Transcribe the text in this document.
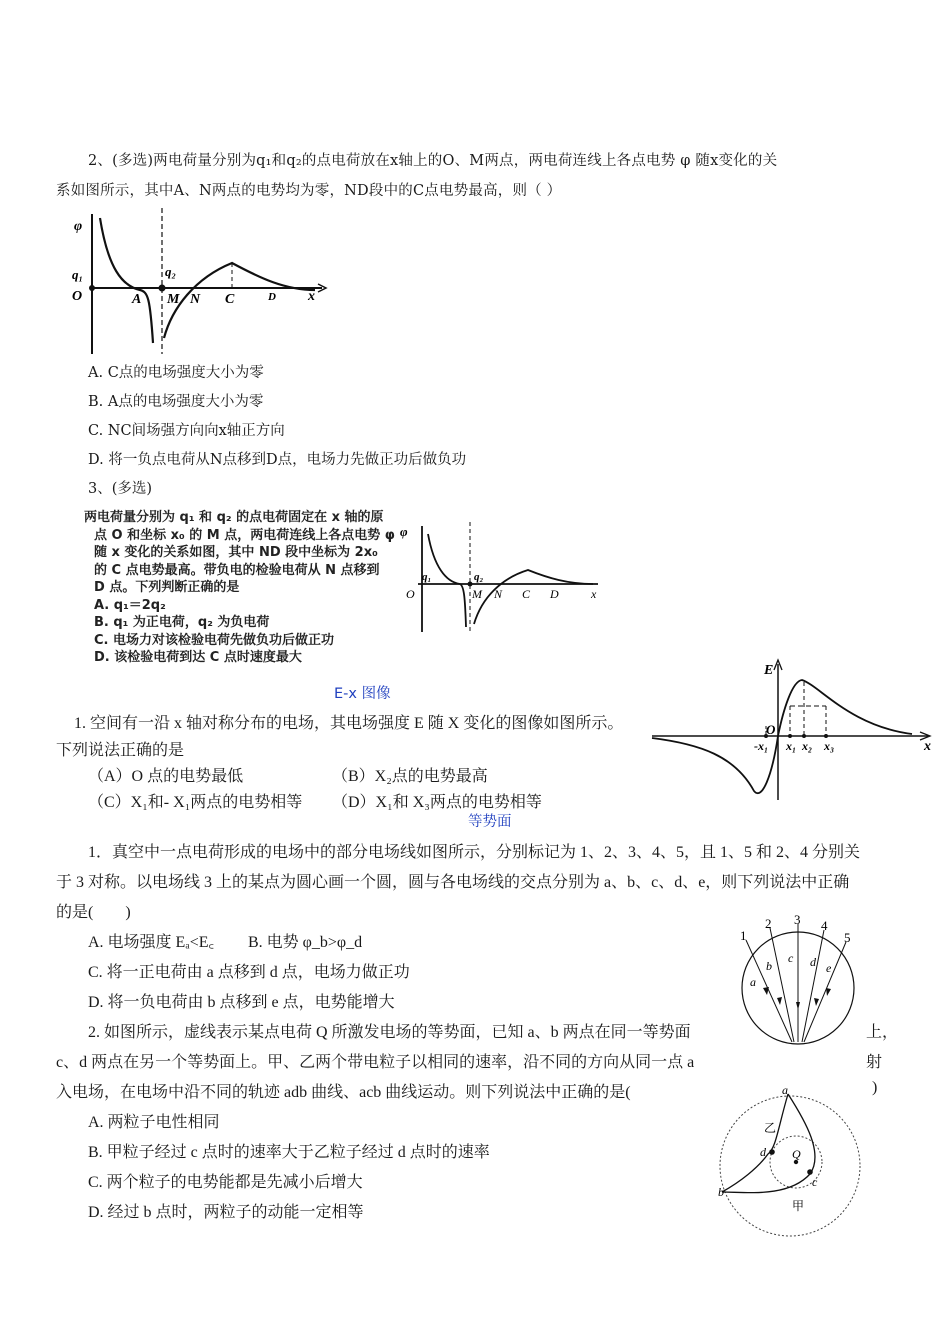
2、(多选)两电荷量分别为q₁和q₂的点电荷放在x轴上的O、M两点，两电荷连线上各点电势 φ 随x变化的关
系如图所示，其中A、N两点的电势均为零，ND段中的C点电势最高，则（ ）
φ
q₁	q₂
O	A M N C	D x
A. C点的电场强度大小为零
B. A点的电场强度大小为零
C. NC间场强方向向x轴正方向
D. 将一负点电荷从N点移到D点，电场力先做正功后做负功
3、(多选)
两电荷量分别为 q₁ 和 q₂ 的点电荷固定在 x 轴的原
点 O 和坐标 x₀ 的 M 点，两电荷连线上各点电势 φ
随 x 变化的关系如图，其中 ND 段中坐标为 2x₀
的 C 点电势最高。带负电的检验电荷从 N 点移到
D 点。下列判断正确的是
A. q₁＝2q₂
B. q₁ 为正电荷，q₂ 为负电荷
C. 电场力对该检验电荷先做负功后做正功
D. 该检验电荷到达 C 点时速度最大
φ
q₁	q₂
O	M N C D	x
E-x 图像
1. 空间有一沿 x 轴对称分布的电场，其电场强度 E 随 X 变化的图像如图所示。
下列说法正确的是
（A）O 点的电势最低	（B）X₂点的电势最高
（C）X₁和- X₁两点的电势相等 （D）X₁和 X₃两点的电势相等
E
O
-x₁ x₁ x₂ x₃	x
等势面
1．真空中一点电荷形成的电场中的部分电场线如图所示，分别标记为 1、2、3、4、5，且 1、5 和 2、4 分别关
于 3 对称。以电场线 3 上的某点为圆心画一个圆，圆与各电场线的交点分别为 a、b、c、d、e，则下列说法中正确
的是(　　)
A. 电场强度 Eₐ<E꜀ B. 电势 φ_b>φ_d
C. 将一正电荷由 a 点移到 d 点，电场力做正功
D. 将一负电荷由 b 点移到 e 点，电势能增大
2. 如图所示，虚线表示某点电荷 Q 所激发电场的等势面，已知 a、b 两点在同一等势面	上，
c、d 两点在另一个等势面上。甲、乙两个带电粒子以相同的速率，沿不同的方向从同一点 a	射
入电场，在电场中沿不同的轨迹 adb 曲线、acb 曲线运动。则下列说法中正确的是(	)
A. 两粒子电性相同
B. 甲粒子经过 c 点时的速率大于乙粒子经过 d 点时的速率
C. 两个粒子的电势能都是先减小后增大
D. 经过 b 点时，两粒子的动能一定相等
1
2 3 4
5
a
b
c d e
a
b
c
d Q
乙
甲
